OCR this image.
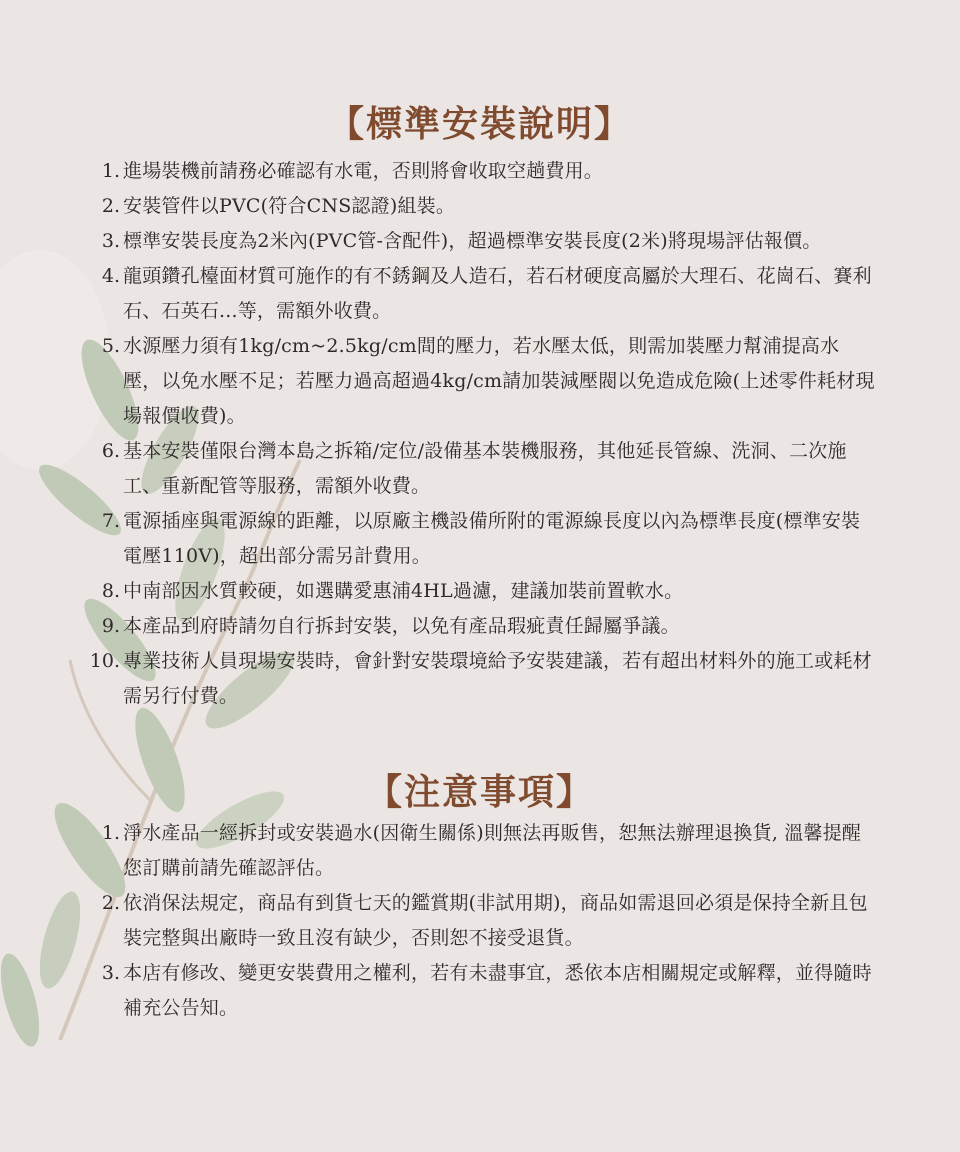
【標準安裝說明】
1. 進場裝機前請務必確認有水電，否則將會收取空趟費用。
2. 安裝管件以PVC(符合CNS認證)組裝。
3. 標準安裝長度為2米內(PVC管-含配件)，超過標準安裝長度(2米)將現場評估報價。
4. 龍頭鑽孔檯面材質可施作的有不銹鋼及人造石，若石材硬度高屬於大理石、花崗石、賽利石、石英石...等，需額外收費。
5. 水源壓力須有1kg/cm~2.5kg/cm間的壓力，若水壓太低，則需加裝壓力幫浦提高水壓，以免水壓不足；若壓力過高超過4kg/cm請加裝減壓閥以免造成危險(上述零件耗材現場報價收費)。
6. 基本安裝僅限台灣本島之拆箱/定位/設備基本裝機服務，其他延長管線、洗洞、二次施工、重新配管等服務，需額外收費。
7. 電源插座與電源線的距離，以原廠主機設備所附的電源線長度以內為標準長度(標準安裝電壓110V)，超出部分需另計費用。
8. 中南部因水質較硬，如選購愛惠浦4HL過濾，建議加裝前置軟水。
9. 本產品到府時請勿自行拆封安裝，以免有產品瑕疵責任歸屬爭議。
10. 專業技術人員現場安裝時，會針對安裝環境給予安裝建議，若有超出材料外的施工或耗材需另行付費。
【注意事項】
1. 淨水產品一經拆封或安裝過水(因衛生關係)則無法再販售，恕無法辦理退換貨, 溫馨提醒您訂購前請先確認評估。
2. 依消保法規定，商品有到貨七天的鑑賞期(非試用期)，商品如需退回必須是保持全新且包裝完整與出廠時一致且沒有缺少，否則恕不接受退貨。
3. 本店有修改、變更安裝費用之權利，若有未盡事宜，悉依本店相關規定或解釋，並得隨時補充公告知。
